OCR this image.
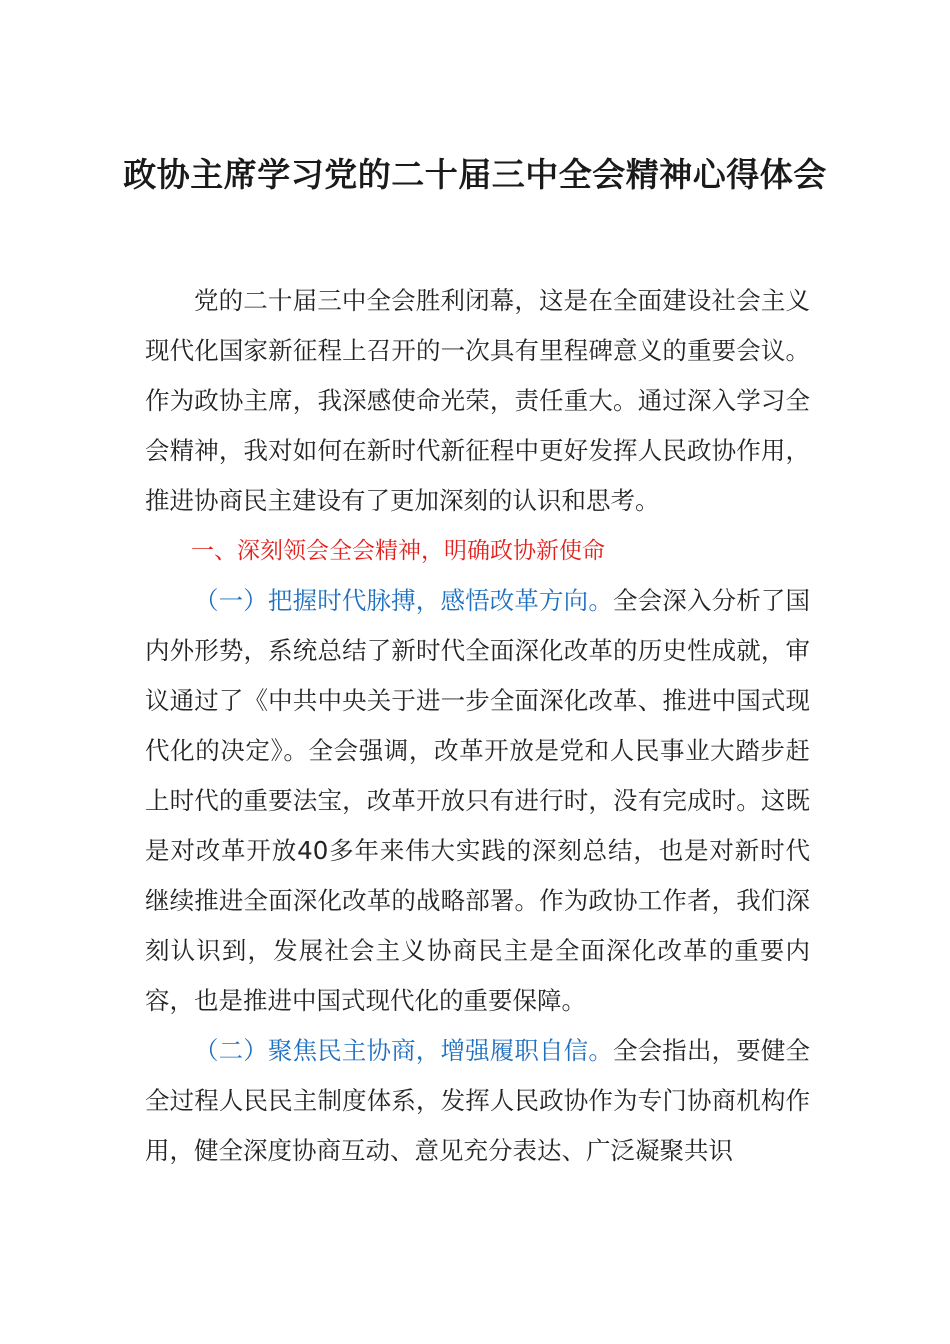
政协主席学习党的二十届三中全会精神心得体会

党的二十届三中全会胜利闭幕，这是在全面建设社会主义现代化国家新征程上召开的一次具有里程碑意义的重要会议。作为政协主席，我深感使命光荣，责任重大。通过深入学习全会精神，我对如何在新时代新征程中更好发挥人民政协作用，推进协商民主建设有了更加深刻的认识和思考。

一、深刻领会全会精神，明确政协新使命

（一）把握时代脉搏，感悟改革方向。全会深入分析了国内外形势，系统总结了新时代全面深化改革的历史性成就，审议通过了《中共中央关于进一步全面深化改革、推进中国式现代化的决定》。全会强调，改革开放是党和人民事业大踏步赶上时代的重要法宝，改革开放只有进行时，没有完成时。这既是对改革开放40多年来伟大实践的深刻总结，也是对新时代继续推进全面深化改革的战略部署。作为政协工作者，我们深刻认识到，发展社会主义协商民主是全面深化改革的重要内容，也是推进中国式现代化的重要保障。

（二）聚焦民主协商，增强履职自信。全会指出，要健全全过程人民民主制度体系，发挥人民政协作为专门协商机构作用，健全深度协商互动、意见充分表达、广泛凝聚共识
